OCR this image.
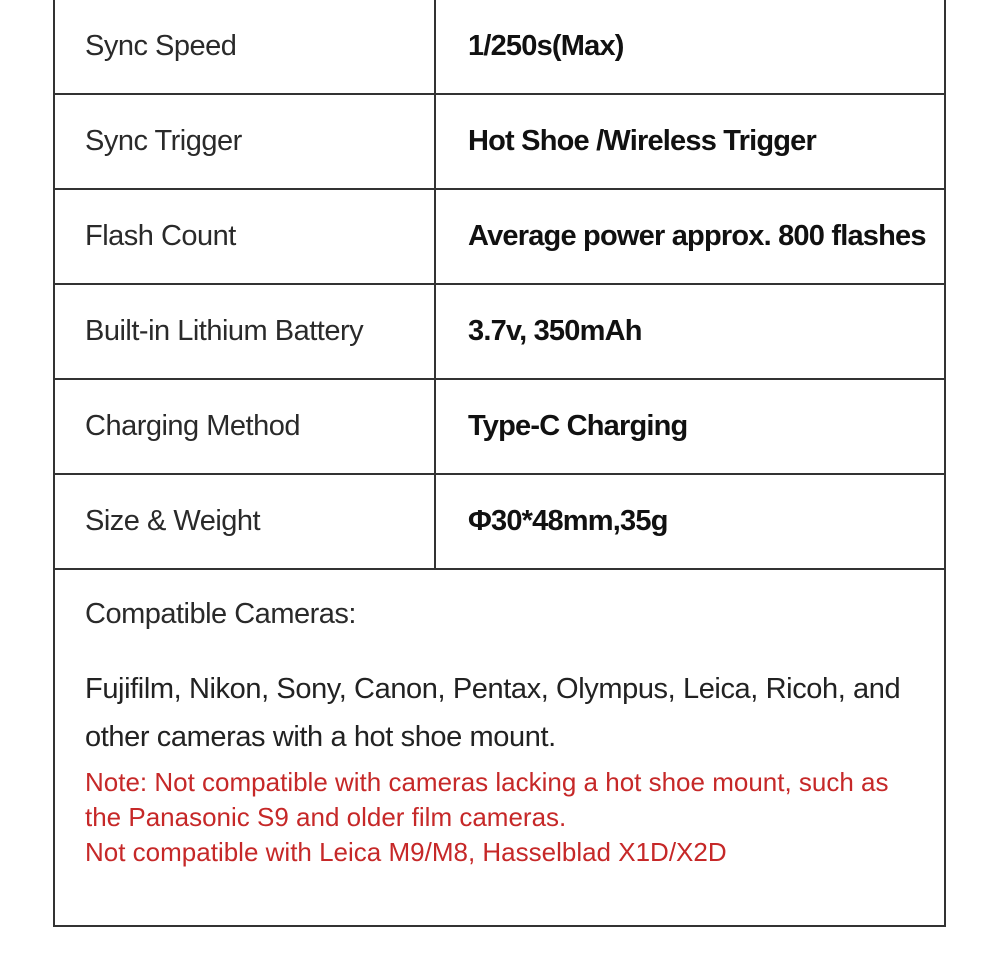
Sync Speed	1/250s(Max)
Sync Trigger	Hot Shoe /Wireless Trigger
Flash Count	Average power approx. 800 flashes
Built-in Lithium Battery	3.7v, 350mAh
Charging Method	Type-C Charging
Size & Weight	Φ30*48mm,35g

Compatible Cameras:

Fujifilm, Nikon, Sony, Canon, Pentax, Olympus, Leica, Ricoh, and other cameras with a hot shoe mount.

Note: Not compatible with cameras lacking a hot shoe mount, such as the Panasonic S9 and older film cameras.
Not compatible with Leica M9/M8, Hasselblad X1D/X2D
